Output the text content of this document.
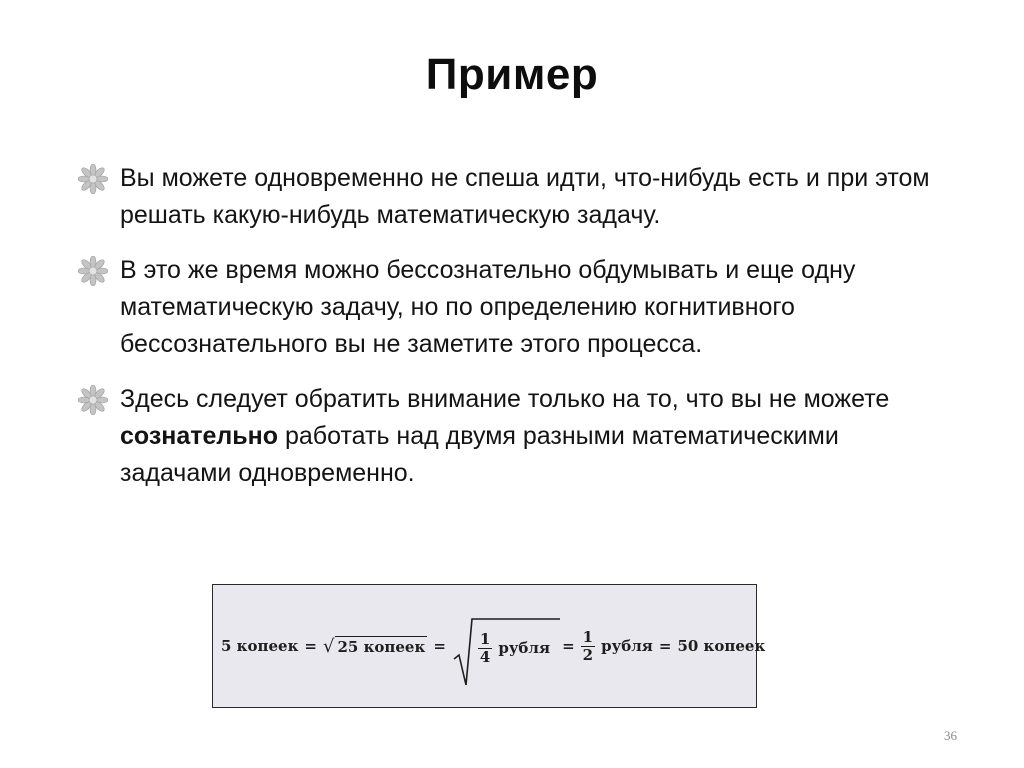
Пример
Вы можете одновременно не спеша идти, что-нибудь есть и при этом решать какую-нибудь математическую задачу.
В это же время можно бессознательно обдумывать и еще одну математическую задачу, но по определению когнитивного бессознательного вы не заметите этого процесса.
Здесь следует обратить внимание только на то, что вы не можете сознательно работать над двумя разными математическими задачами одновременно.
5 копеек = √ 25 копеек = $\frac{1}{4}$ рубля = $\frac{1}{2}$ рубля = 50 копеек
36
